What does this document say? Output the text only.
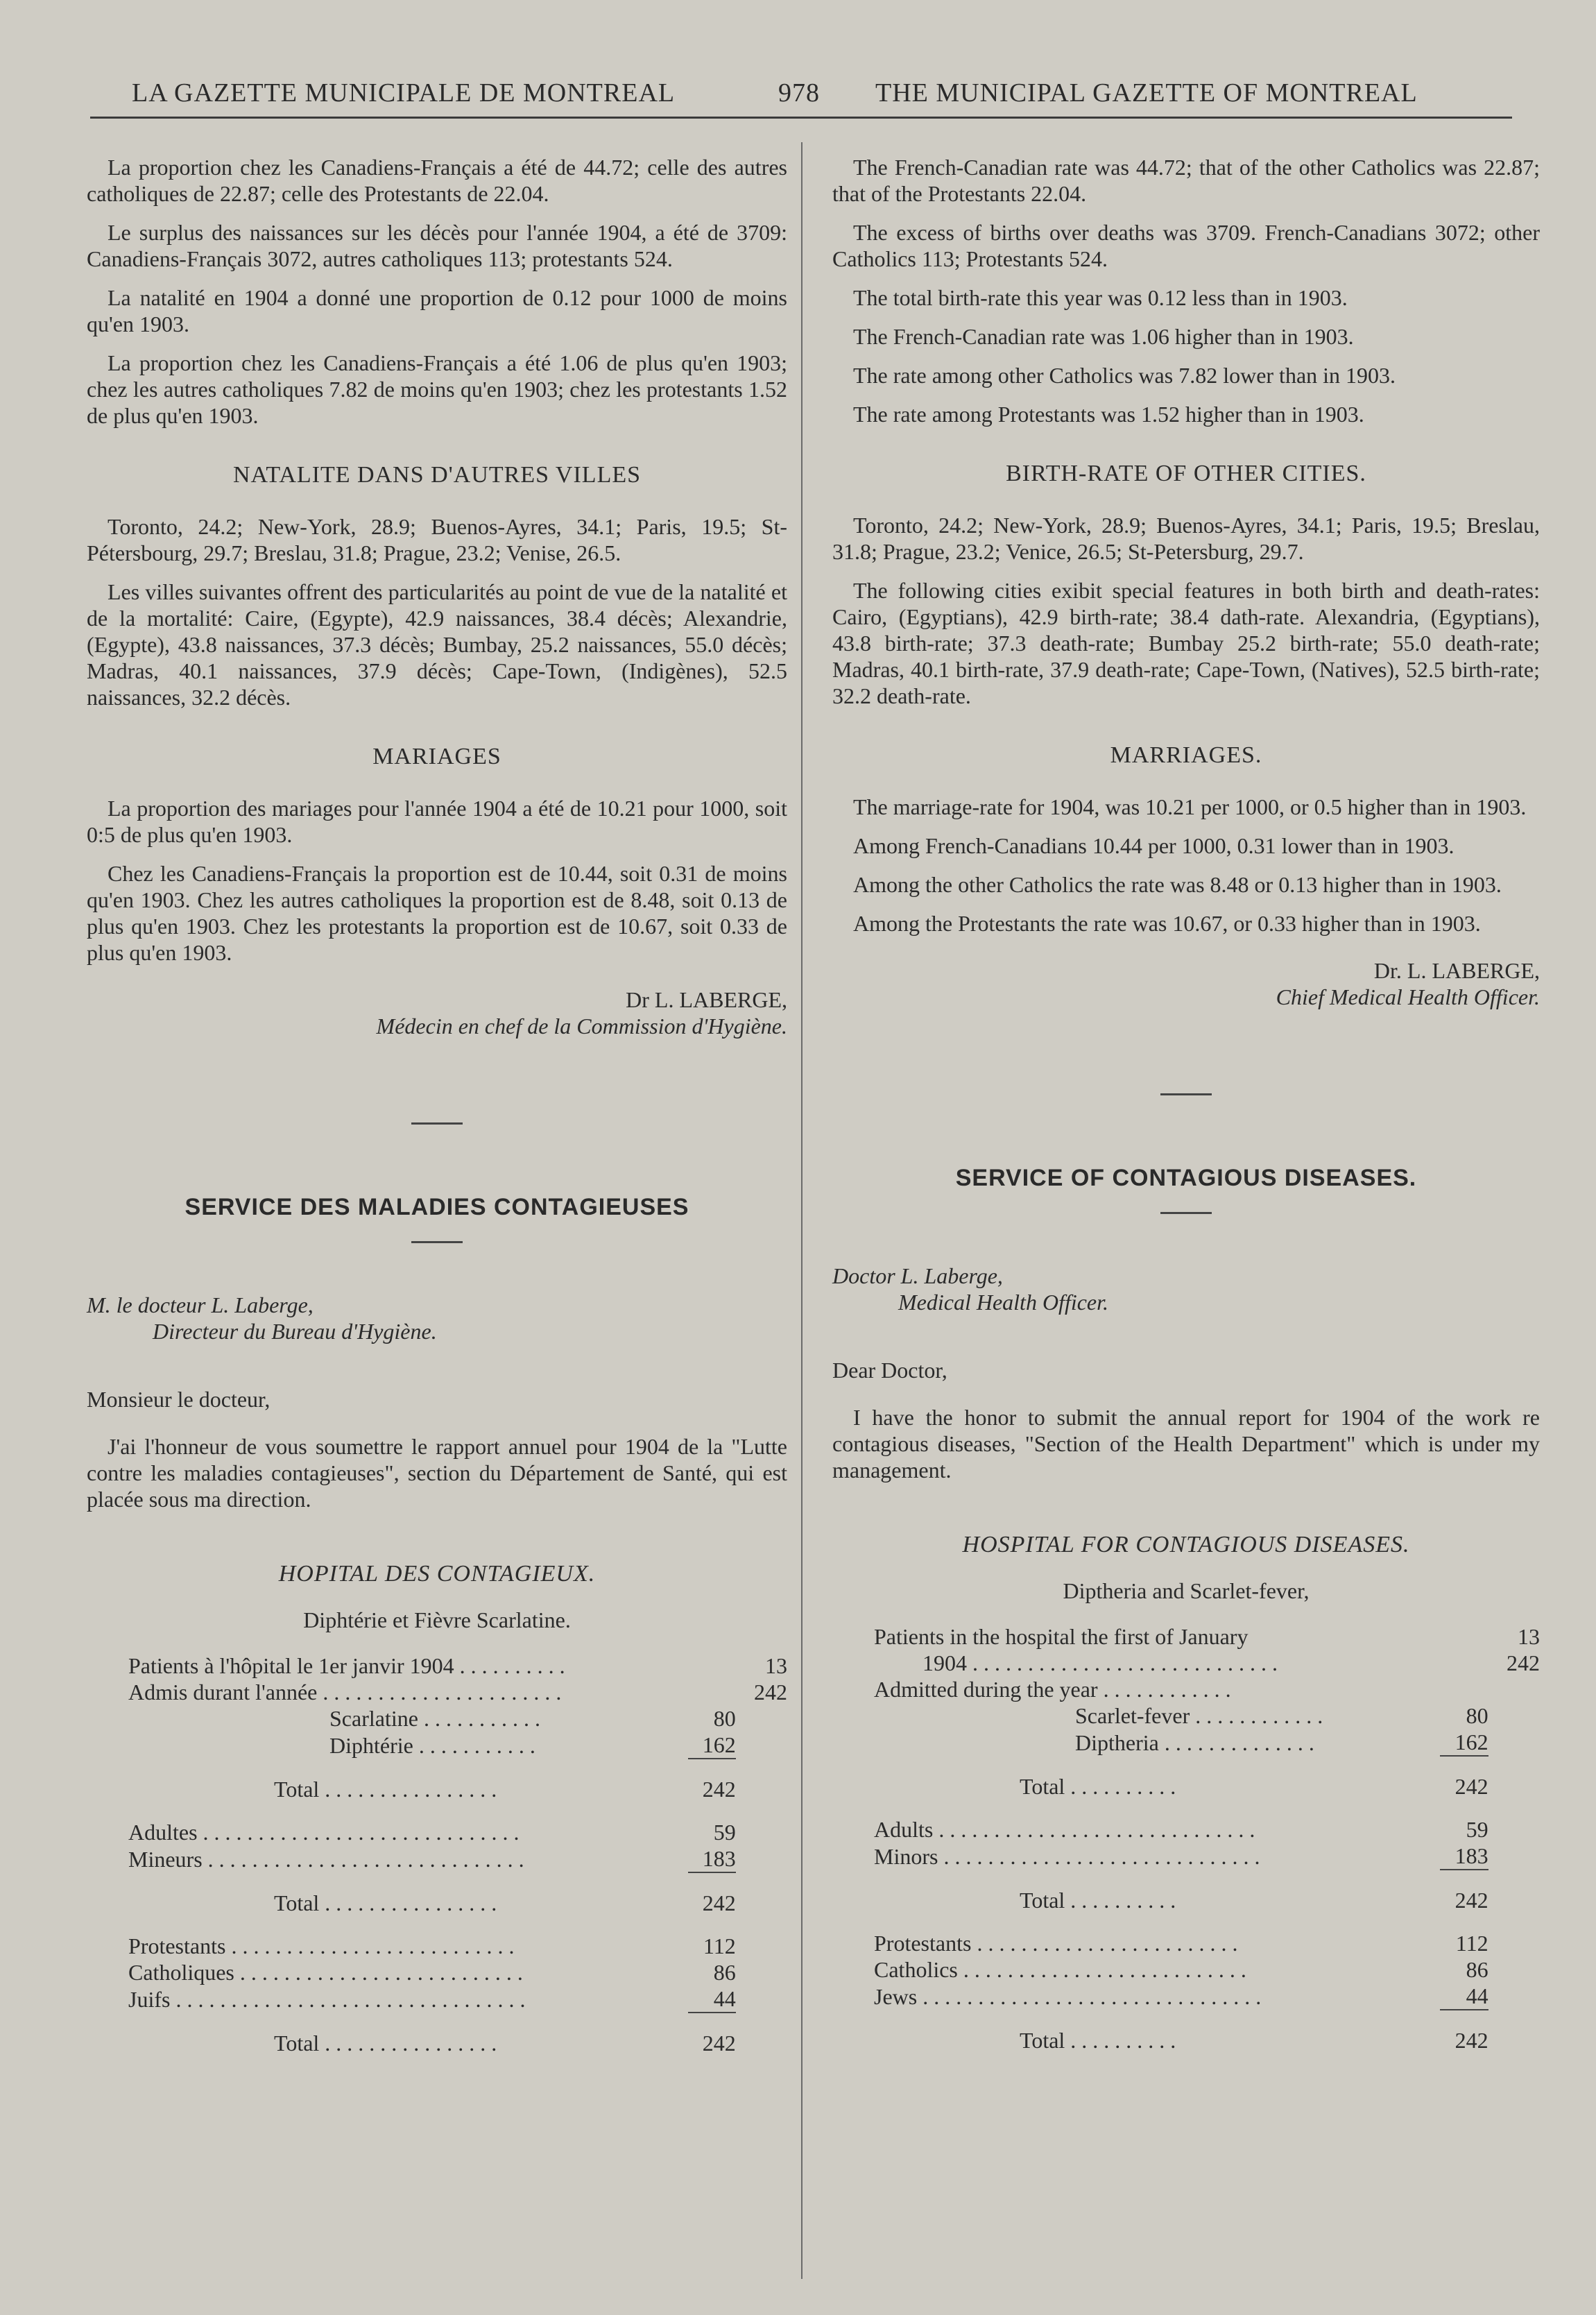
LA GAZETTE MUNICIPALE DE MONTREAL	978 THE MUNICIPAL GAZETTE OF MONTREAL

La proportion chez les Canadiens-Français a été de 44.72; celle des autres catholiques de 22.87; celle des Protestants de 22.04.

Le surplus des naissances sur les décès pour l'année 1904, a été de 3709: Canadiens-Français 3072, autres catholiques 113; protestants 524.

La natalité en 1904 a donné une proportion de 0.12 pour 1000 de moins qu'en 1903.

La proportion chez les Canadiens-Français a été 1.06 de plus qu'en 1903; chez les autres catholiques 7.82 de moins qu'en 1903; chez les protestants 1.52 de plus qu'en 1903.

NATALITE DANS D'AUTRES VILLES

Toronto, 24.2; New-York, 28.9; Buenos-Ayres, 34.1; Paris, 19.5; St-Pétersbourg, 29.7; Breslau, 31.8; Prague, 23.2; Venise, 26.5.

Les villes suivantes offrent des particularités au point de vue de la natalité et de la mortalité: Caire, (Egypte), 42.9 naissances, 38.4 décès; Alexandrie, (Egypte), 43.8 naissances, 37.3 décès; Bumbay, 25.2 naissances, 55.0 décès; Madras, 40.1 naissances, 37.9 décès; Cape-Town, (Indigènes), 52.5 naissances, 32.2 décès.

MARIAGES

La proportion des mariages pour l'année 1904 a été de 10.21 pour 1000, soit 0:5 de plus qu'en 1903.

Chez les Canadiens-Français la proportion est de 10.44, soit 0.31 de moins qu'en 1903. Chez les autres catholiques la proportion est de 8.48, soit 0.13 de plus qu'en 1903. Chez les protestants la proportion est de 10.67, soit 0.33 de plus qu'en 1903.

Dr L. LABERGE,
Médecin en chef de la Commission d'Hygiène.
SERVICE DES MALADIES CONTAGIEUSES
M. le docteur L. Laberge,
Directeur du Bureau d'Hygiène.
Monsieur le docteur,

J'ai l'honneur de vous soumettre le rapport annuel pour 1904 de la "Lutte contre les maladies contagieuses", section du Département de Santé, qui est placée sous ma direction.

HOPITAL DES CONTAGIEUX.
Diphtérie et Fièvre Scarlatine.
Patients à l'hôpital le 1er janvir 1904 . . . . . . . . . .		13
Admis durant l'année . . . . . . . . . . . . . . . . . . . . . .		242
Scarlatine . . . . . . . . . . .	80	
Diphtérie . . . . . . . . . . .	162	
Total . . . . . . . . . . . . . . . .	242	
Adultes . . . . . . . . . . . . . . . . . . . . . . . . . . . . .	59	
Mineurs . . . . . . . . . . . . . . . . . . . . . . . . . . . . .	183	
Total . . . . . . . . . . . . . . . .	242	
Protestants . . . . . . . . . . . . . . . . . . . . . . . . . .	112	
Catholiques . . . . . . . . . . . . . . . . . . . . . . . . . .	86	
Juifs . . . . . . . . . . . . . . . . . . . . . . . . . . . . . . . .	44	
Total . . . . . . . . . . . . . . . .	242	

The French-Canadian rate was 44.72; that of the other Catholics was 22.87; that of the Protestants 22.04.

The excess of births over deaths was 3709. French-Canadians 3072; other Catholics 113; Protestants 524.

The total birth-rate this year was 0.12 less than in 1903.

The French-Canadian rate was 1.06 higher than in 1903.

The rate among other Catholics was 7.82 lower than in 1903.

The rate among Protestants was 1.52 higher than in 1903.

BIRTH-RATE OF OTHER CITIES.

Toronto, 24.2; New-York, 28.9; Buenos-Ayres, 34.1; Paris, 19.5; Breslau, 31.8; Prague, 23.2; Venice, 26.5; St-Petersburg, 29.7.

The following cities exibit special features in both birth and death-rates: Cairo, (Egyptians), 42.9 birth-rate; 38.4 dath-rate. Alexandria, (Egyptians), 43.8 birth-rate; 37.3 death-rate; Bumbay 25.2 birth-rate; 55.0 death-rate; Madras, 40.1 birth-rate, 37.9 death-rate; Cape-Town, (Natives), 52.5 birth-rate; 32.2 death-rate.

MARRIAGES.

The marriage-rate for 1904, was 10.21 per 1000, or 0.5 higher than in 1903.

Among French-Canadians 10.44 per 1000, 0.31 lower than in 1903.

Among the other Catholics the rate was 8.48 or 0.13 higher than in 1903.

Among the Protestants the rate was 10.67, or 0.33 higher than in 1903.

Dr. L. LABERGE,
Chief Medical Health Officer.
SERVICE OF CONTAGIOUS DISEASES.
Doctor L. Laberge,
Medical Health Officer.
Dear Doctor,

I have the honor to submit the annual report for 1904 of the work re contagious diseases, "Section of the Health Department" which is under my management.

HOSPITAL FOR CONTAGIOUS DISEASES.
Diptheria and Scarlet-fever,
Patients in the hospital the first of January		13
1904 . . . . . . . . . . . . . . . . . . . . . . . . . . . .		242
Admitted during the year . . . . . . . . . . . .		
Scarlet-fever . . . . . . . . . . . .	80	
Diptheria . . . . . . . . . . . . . .	162	
Total . . . . . . . . . .	242	
Adults . . . . . . . . . . . . . . . . . . . . . . . . . . . . .	59	
Minors . . . . . . . . . . . . . . . . . . . . . . . . . . . . .	183	
Total . . . . . . . . . .	242	
Protestants . . . . . . . . . . . . . . . . . . . . . . . .	112	
Catholics . . . . . . . . . . . . . . . . . . . . . . . . . .	86	
Jews . . . . . . . . . . . . . . . . . . . . . . . . . . . . . . .	44	
Total . . . . . . . . . .	242	
